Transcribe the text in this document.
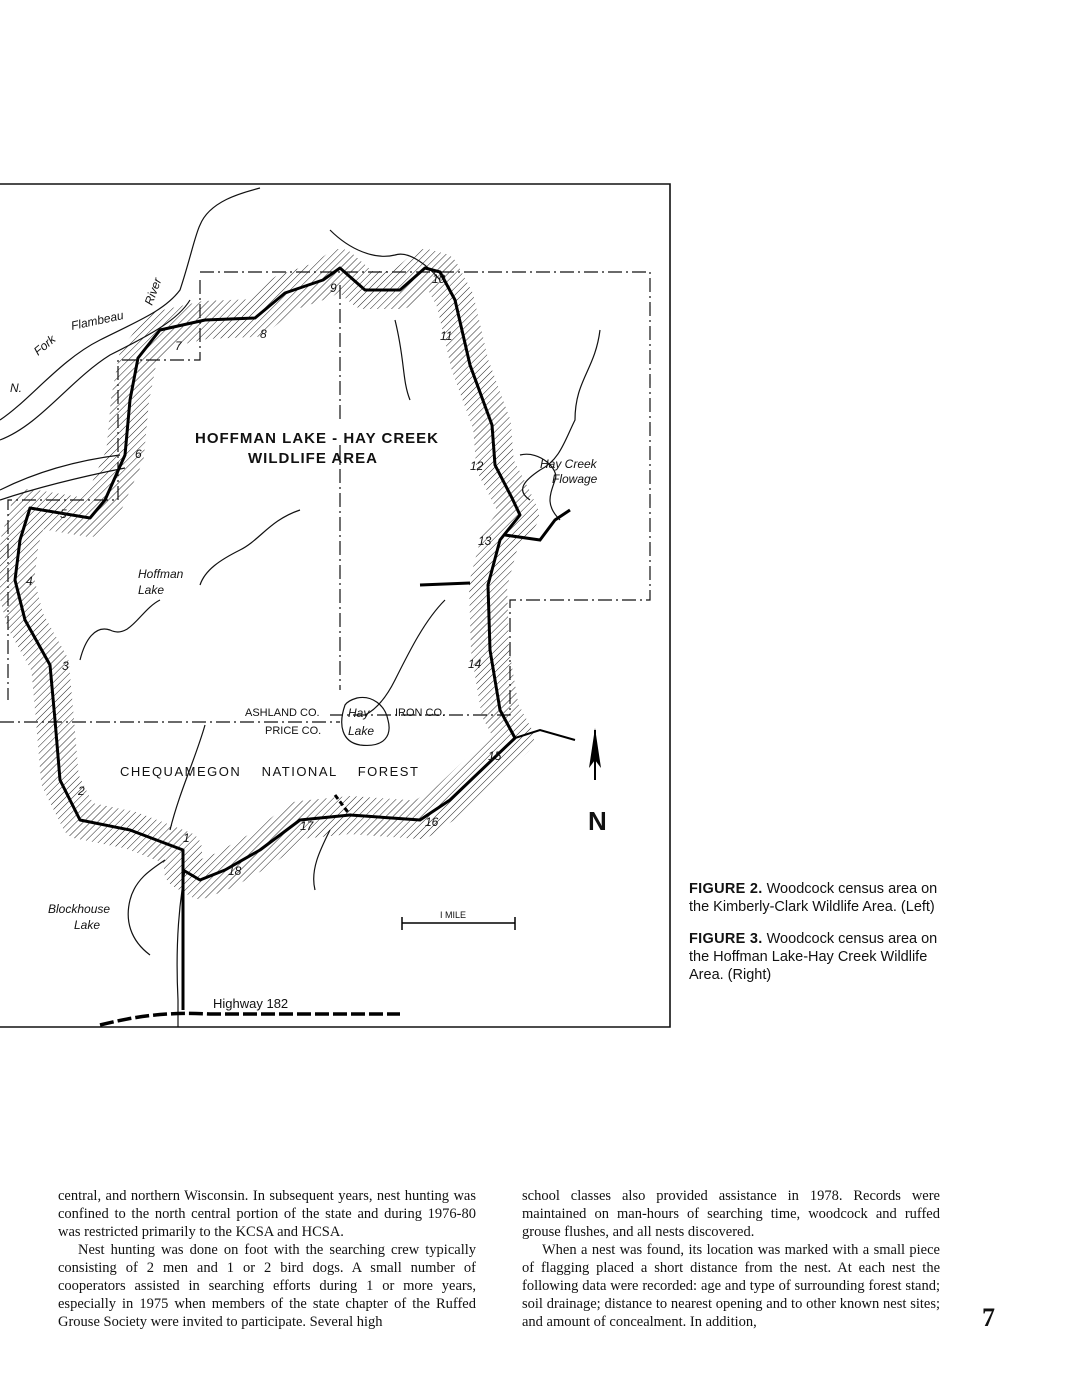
HOFFMAN LAKE - HAY CREEK
WILDLIFE AREA
N.
Fork
Flambeau
River
Hay Creek
Flowage
Hoffman
Lake
ASHLAND CO.
PRICE CO.
IRON CO.
Hay
Lake
CHEQUAMEGON    NATIONAL    FOREST
Blockhouse
Lake
I MILE
Highway 182
N
1
2
3
4
5
6
7
8
9
10
11
12
13
14
15
16
17
18

FIGURE 2. Woodcock census area on the Kimberly-Clark Wildlife Area. (Left)

FIGURE 3. Woodcock census area on the Hoffman Lake-Hay Creek Wildlife Area. (Right)

central, and northern Wisconsin. In subsequent years, nest hunting was confined to the north central portion of the state and during 1976-80 was restricted primarily to the KCSA and HCSA.

Nest hunting was done on foot with the searching crew typically consisting of 2 men and 1 or 2 bird dogs. A small number of cooperators assisted in searching efforts during 1 or more years, especially in 1975 when members of the state chapter of the Ruffed Grouse Society were invited to participate. Several high

school classes also provided assistance in 1978. Records were maintained on man-hours of searching time, woodcock and ruffed grouse flushes, and all nests discovered.

When a nest was found, its location was marked with a small piece of flagging placed a short distance from the nest. At each nest the following data were recorded: age and type of surrounding forest stand; soil drainage; distance to nearest opening and to other known nest sites; and amount of concealment. In addition,	7
